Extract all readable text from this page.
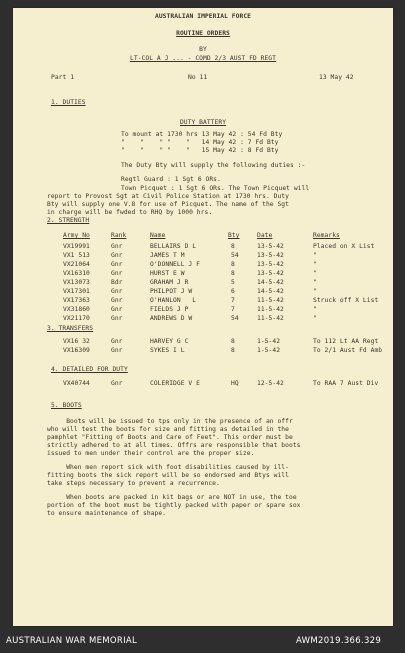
AUSTRALIAN IMPERIAL FORCE
ROUTINE ORDERS
BY
LT-COL A J ... - COMD 2/3 AUST FD REGT
Part 1	No 11	13 May 42
1. DUTIES
DUTY BATTERY
To mount at 1730 hrs 13 May 42 : 54 Fd Bty
"    "    " "    "   14 May 42 : 7 Fd Bty
"    "    " "    "   15 May 42 : 8 Fd Bty
The Duty Bty will supply the following duties :-
Regtl Guard : 1 Sgt 6 ORs.
Town Picquet : 1 Sgt 6 ORs. The Town Picquet will
report to Provost Sgt at Civil Police Station at 1730 hrs. Duty
Bty will supply one V.8 for use of Picquet. The name of the Sgt
in charge will be fwded to RHQ by 1000 hrs.
2. STRENGTH
Army No	Rank	Name	Bty	Date	Remarks
VX19991	Gnr	BELLAIRS D L	8	13-5-42	Placed on X List
VX1 513	Gnr	JAMES T M	54	13-5-42	"
VX21064	Gnr	O'DONNELL J F	8	13-5-42	"
VX16310	Gnr	HURST E W	8	13-5-42	"
VX13073	Bdr	GRAHAM J R	5	14-5-42	"
VX17301	Gnr	PHILPOT J W	6	14-5-42	"
VX17363	Gnr	O'HANLON   L	7	11-5-42	Struck off X List
VX31860	Gnr	FIELDS J P	7	11-5-42	"
VX21170	Gnr	ANDREWS D W	54	11-5-42	"
3. TRANSFERS
VX16 32	Gnr	HARVEY G C	8	1-5-42	To 112 Lt AA Regt
VX16309	Gnr	SYKES I L	8	1-5-42	To 2/1 Aust Fd Amb
4. DETAILED FOR DUTY
VX40744	Gnr	COLERIDGE V E	HQ	12-5-42	To RAA 7 Aust Div
5. BOOTS
Boots will be issued to tps only in the presence of an offr
who will test the boots for size and fitting as detailed in the
pamphlet "Fitting of Boots and Care of Feet". This order must be
strictly adhered to at all times. Offrs are responsible that boots
issued to men under their control are the proper size.
When men report sick with foot disabilities caused by ill-
fitting boots the sick report will be so endorsed and Btys will
take steps necessary to prevent a recurrence.
When boots are packed in kit bags or are NOT in use, the toe
portion of the boot must be tightly packed with paper or spare sox
to ensure maintenance of shape.
AUSTRALIAN WAR MEMORIAL	AWM2019.366.329
